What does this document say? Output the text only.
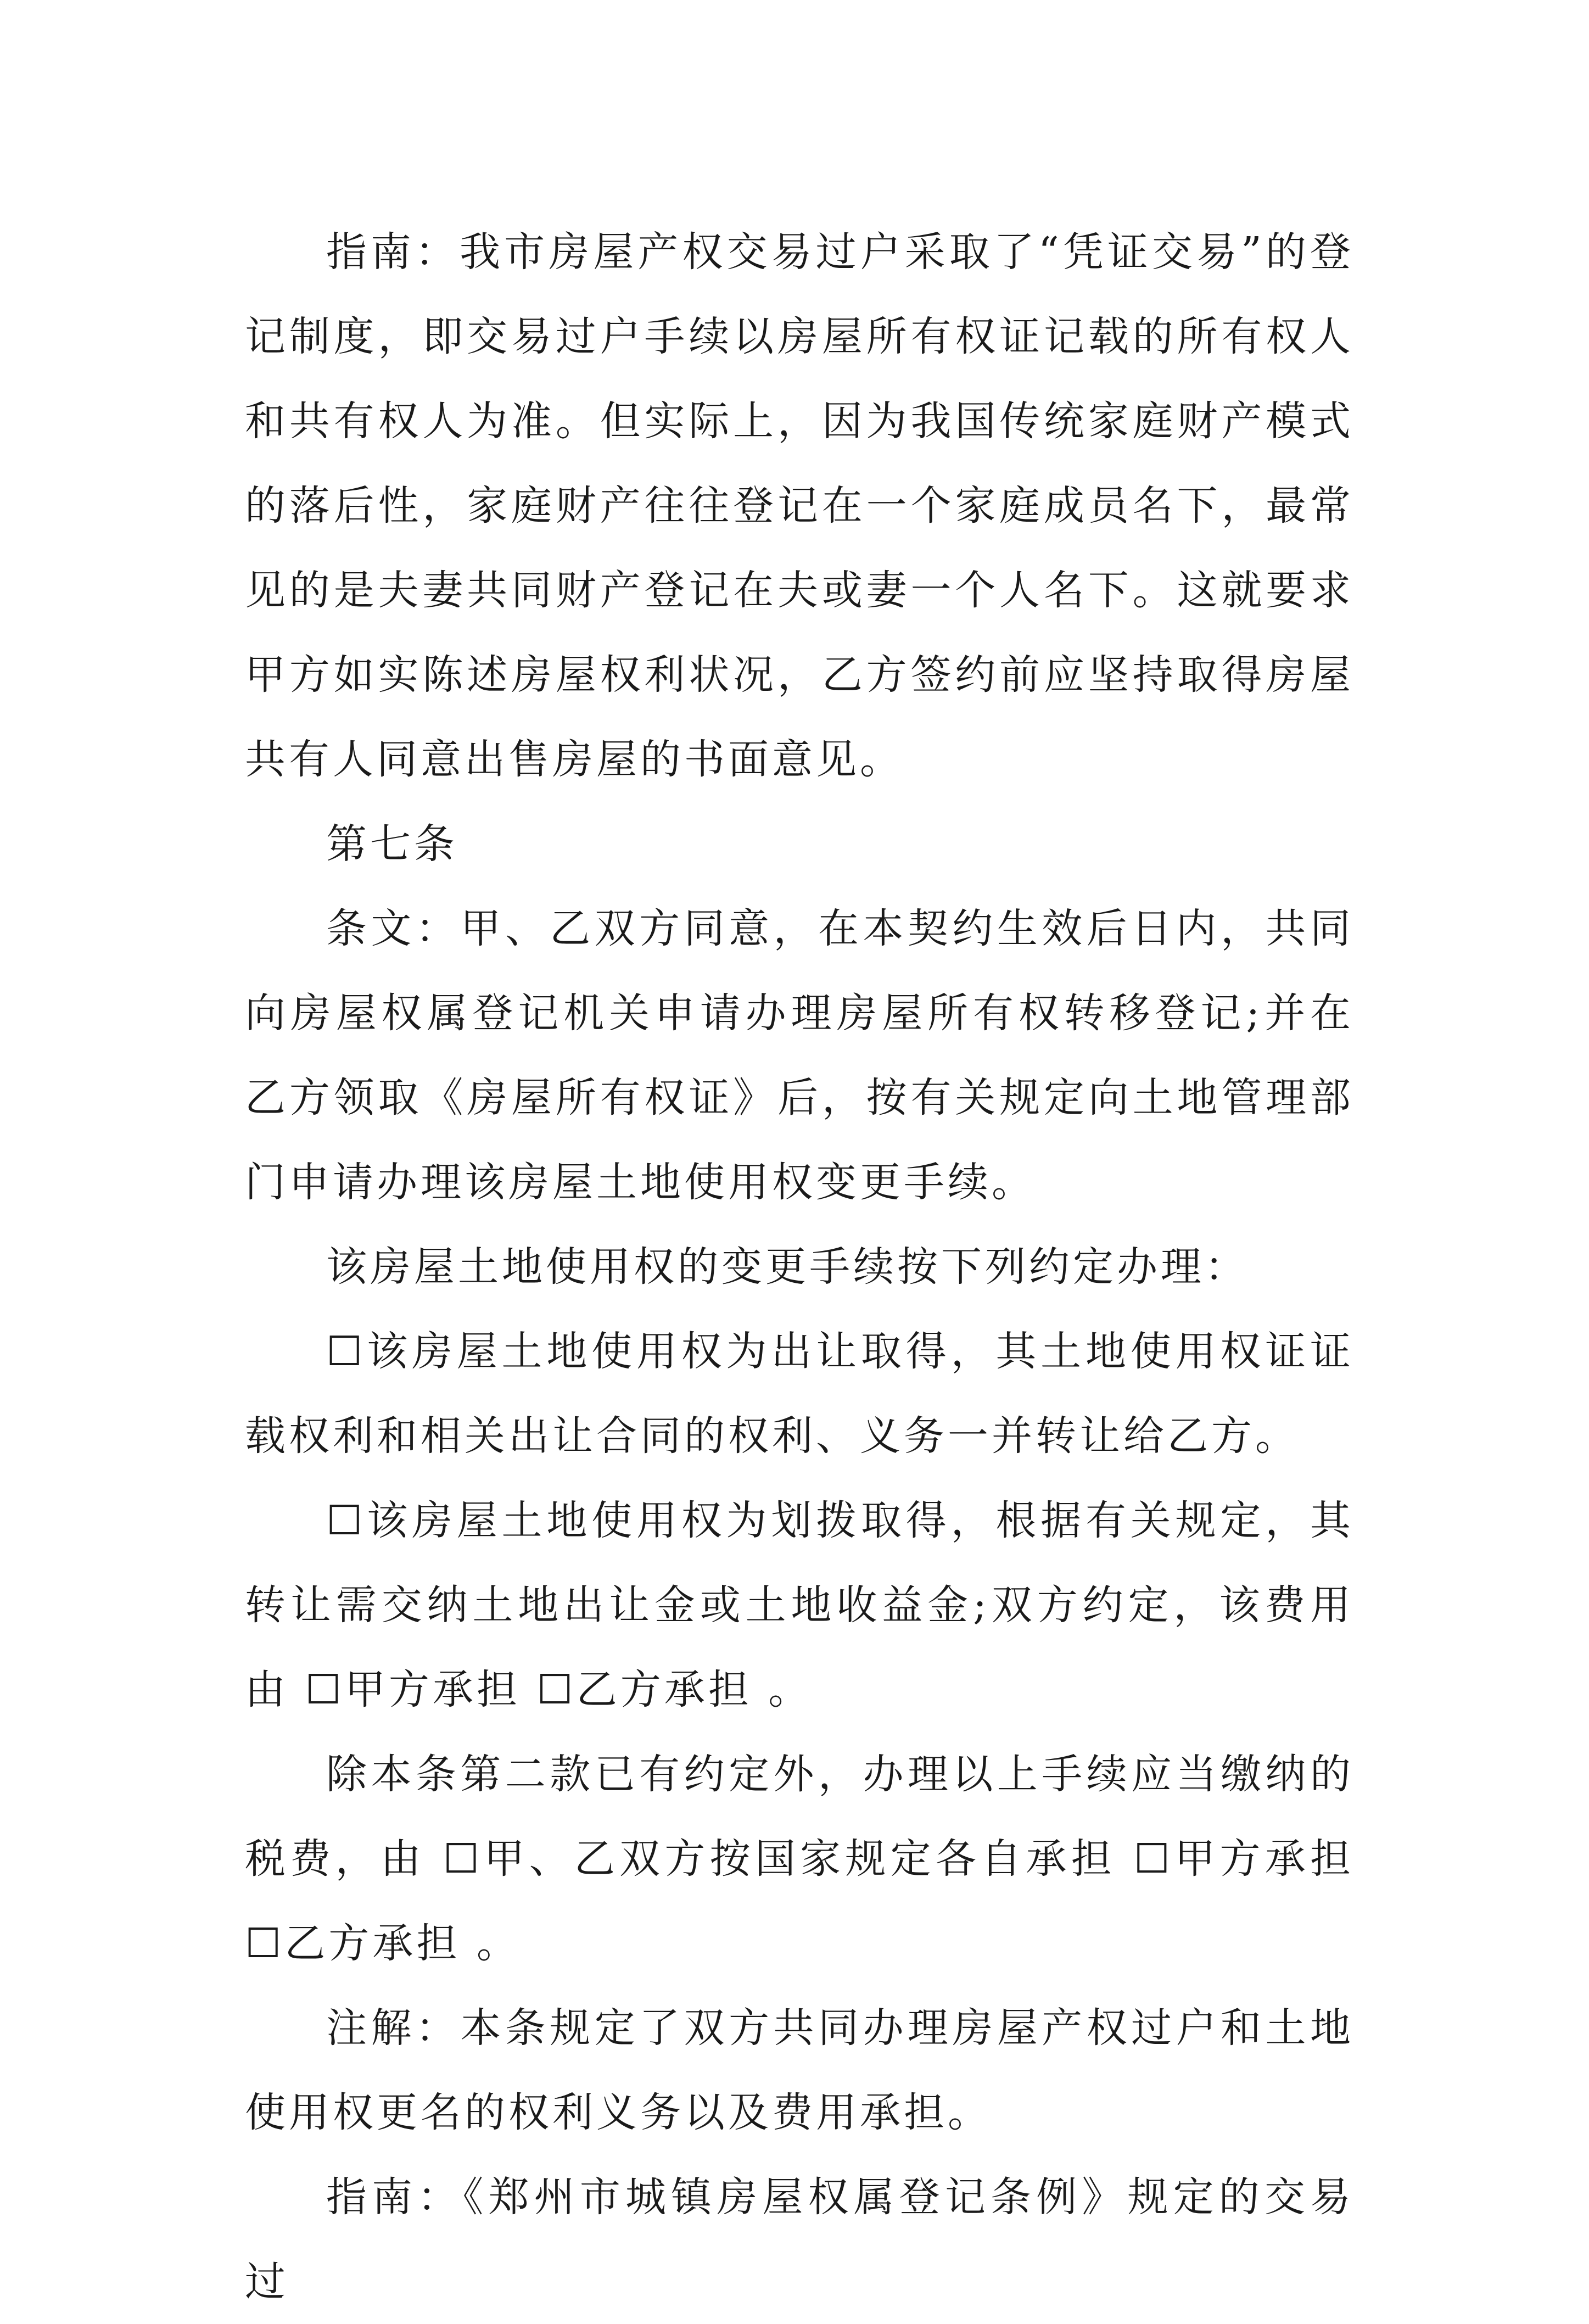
指南：我市房屋产权交易过户采取了“凭证交易”的登记制度，即交易过户手续以房屋所有权证记载的所有权人和共有权人为准。但实际上，因为我国传统家庭财产模式的落后性，家庭财产往往登记在一个家庭成员名下，最常见的是夫妻共同财产登记在夫或妻一个人名下。这就要求甲方如实陈述房屋权利状况，乙方签约前应坚持取得房屋共有人同意出售房屋的书面意见。

第七条

条文：甲、乙双方同意，在本契约生效后日内，共同向房屋权属登记机关申请办理房屋所有权转移登记;并在乙方领取《房屋所有权证》后，按有关规定向土地管理部门申请办理该房屋土地使用权变更手续。

该房屋土地使用权的变更手续按下列约定办理：

☐该房屋土地使用权为出让取得，其土地使用权证证载权利和相关出让合同的权利、义务一并转让给乙方。

☐该房屋土地使用权为划拨取得，根据有关规定，其转让需交纳土地出让金或土地收益金;双方约定，该费用由 ☐甲方承担 ☐乙方承担 。

除本条第二款已有约定外，办理以上手续应当缴纳的税费，由 ☐甲、乙双方按国家规定各自承担 ☐甲方承担 ☐乙方承担 。

注解：本条规定了双方共同办理房屋产权过户和土地使用权更名的权利义务以及费用承担。

指南：《郑州市城镇房屋权属登记条例》规定的交易过
